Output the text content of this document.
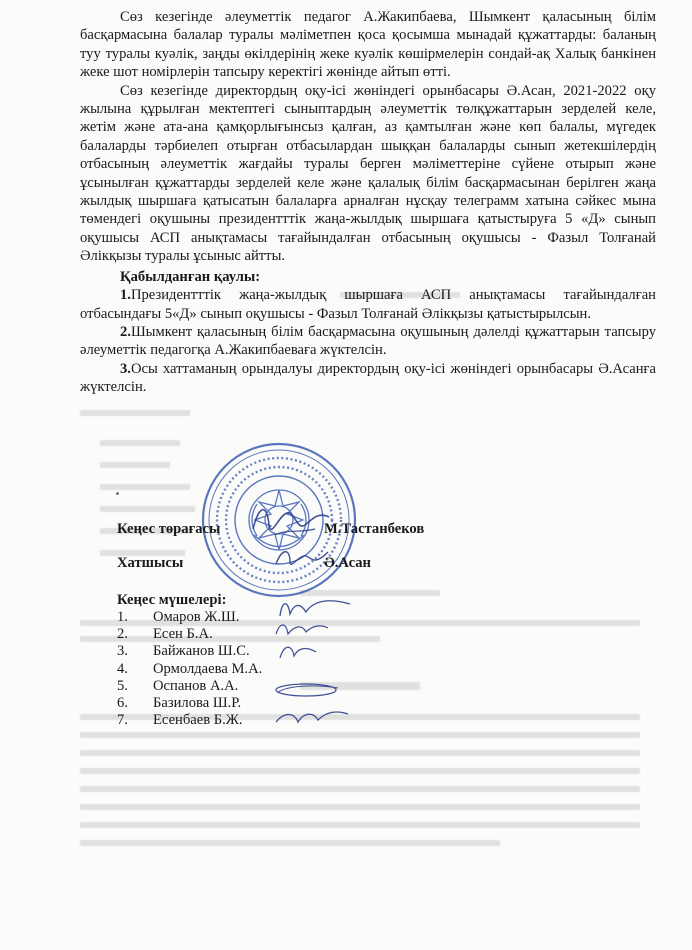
Сөз кезегінде әлеуметтік педагог А.Жакипбаева, Шымкент қаласының білім басқармасына балалар туралы мәліметпен қоса қосымша мынадай құжаттарды: баланың туу туралы куәлік, заңды өкілдерінің жеке куәлік көшірмелерін сондай-ақ Халық банкінен жеке шот номірлерін тапсыру керектігі жөнінде айтып өтті.

Сөз кезегінде директордың оқу-ісі жөніндегі орынбасары Ә.Асан, 2021-2022 оқу жылына құрылған мектептегі сыныптардың әлеуметтік төлқұжаттарын зерделей келе, жетім және ата-ана қамқорлығынсыз қалған, аз қамтылған және көп балалы, мүгедек балаларды тәрбиелеп отырған отбасылардан шыққан балаларды сынып жетекшілердің отбасының әлеуметтік жағдайы туралы берген мәліметтеріне сүйене отырып және ұсынылған құжаттарды зерделей келе және қалалық білім басқармасынан берілген жаңа жылдық шыршаға қатысатын балаларға арналған нұсқау телеграмм хатына сәйкес мына төмендегі оқушыны президентттік жаңа-жылдық шыршаға қатыстыруға 5 «Д» сынып оқушысы АСП анықтамасы тағайындалған отбасының оқушысы - Фазыл Толғанай Әлікқызы туралы ұсыныс айтты.

Қабылданған қаулы:

1.Президентттік жаңа-жылдық шыршаға АСП анықтамасы тағайындалған отбасындағы 5«Д» сынып оқушысы - Фазыл Толғанай Әлікқызы қатыстырылсын.

2.Шымкент қаласының білім басқармасына оқушының дәлелді құжаттарын тапсыру әлеуметтік педагогқа А.Жакипбаеваға жүктелсін.

3.Осы хаттаманың орындалуы директордың оқу-ісі жөніндегі орынбасары Ә.Асанға жүктелсін.

Кеңес төрағасы	М.Тастанбеков
Хатшысы	Ә.Асан
Кеңес мүшелері:
1.	Омаров Ж.Ш.
2.	Есен Б.А.
3.	Байжанов Ш.С.
4.	Ормолдаева М.А.
5.	Оспанов А.А.
6.	Базилова Ш.Р.
7.	Есенбаев Б.Ж.
